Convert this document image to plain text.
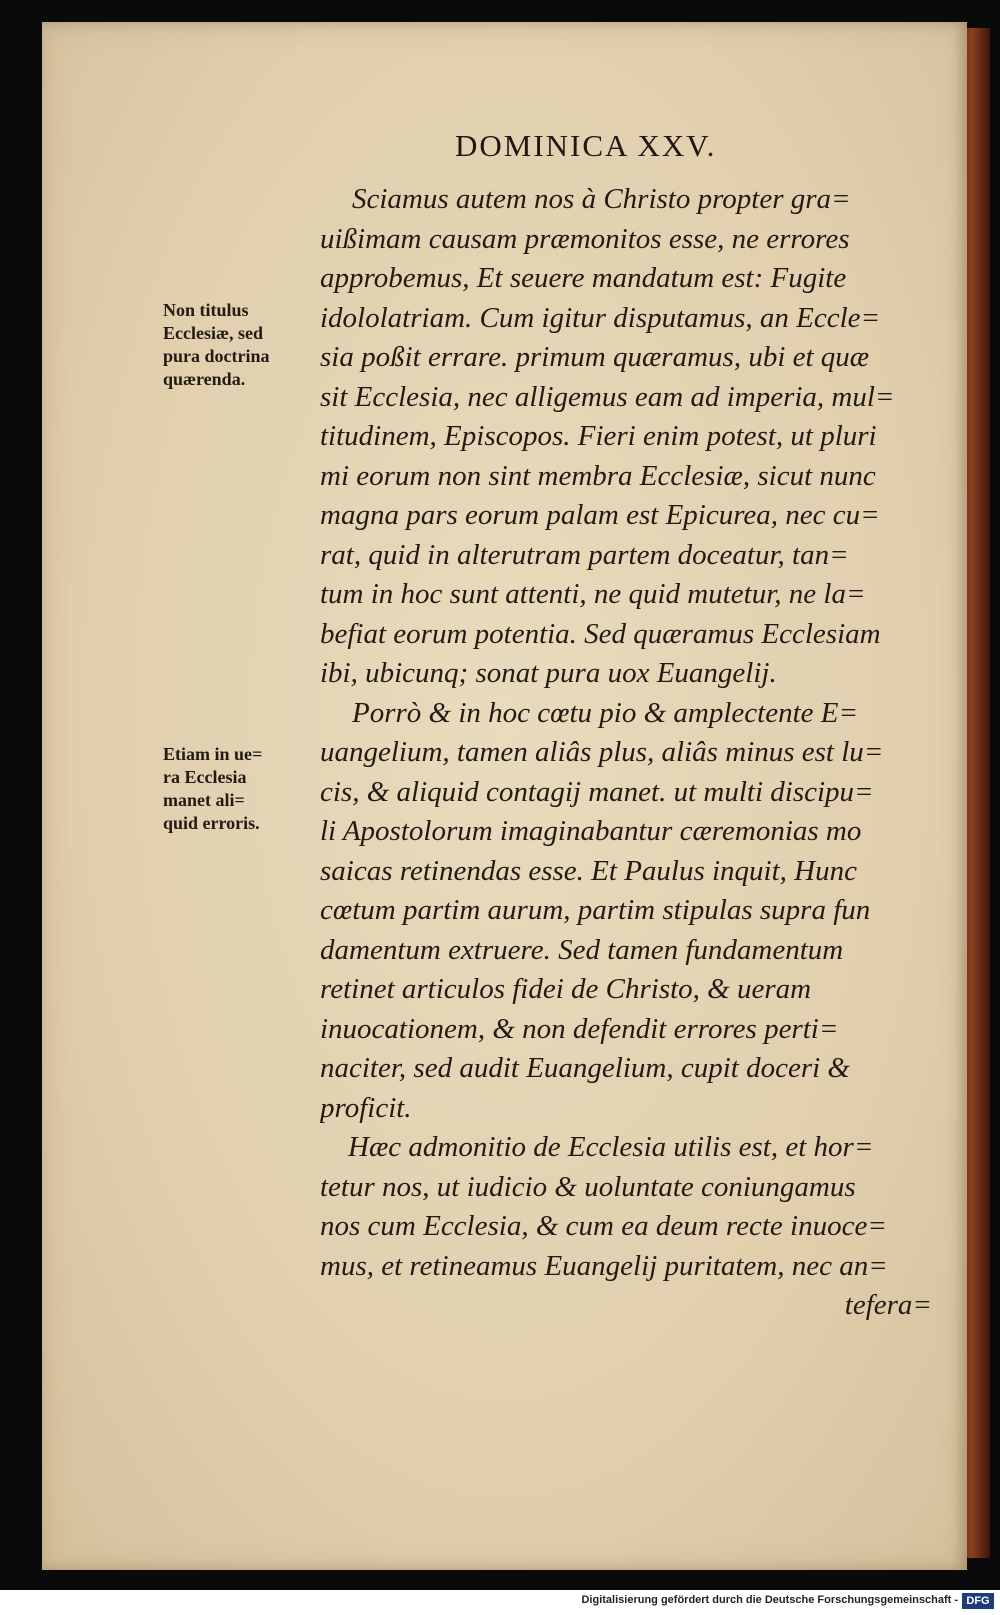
DOMINICA XXV.
Sciamus autem nos à Christo propter gra=
uißimam causam præmonitos esse, ne errores
approbemus, Et seuere mandatum est: Fugite
idololatriam. Cum igitur disputamus, an Eccle=
sia poßit errare. primum quæramus, ubi et quæ
sit Ecclesia, nec alligemus eam ad imperia, mul=
titudinem, Episcopos. Fieri enim potest, ut pluri
mi eorum non sint membra Ecclesiæ, sicut nunc
magna pars eorum palam est Epicurea, nec cu=
rat, quid in alterutram partem doceatur, tan=
tum in hoc sunt attenti, ne quid mutetur, ne la=
befiat eorum potentia. Sed quæramus Ecclesiam
ibi, ubicunq; sonat pura uox Euangelij.
Porrò & in hoc cœtu pio & amplectente E=
uangelium, tamen aliâs plus, aliâs minus est lu=
cis, & aliquid contagij manet. ut multi discipu=
li Apostolorum imaginabantur cæremonias mo
saicas retinendas esse. Et Paulus inquit, Hunc
cœtum partim aurum, partim stipulas supra fun
damentum extruere. Sed tamen fundamentum
retinet articulos fidei de Christo, & ueram
inuocationem, & non defendit errores perti=
naciter, sed audit Euangelium, cupit doceri &
proficit.
Hæc admonitio de Ecclesia utilis est, et hor=
tetur nos, ut iudicio & uoluntate coniungamus
nos cum Ecclesia, & cum ea deum recte inuoce=
mus, et retineamus Euangelij puritatem, nec an=
tefera=
Non titulus
Ecclesiæ, sed
pura doctrina
quærenda.
Etiam in ue=
ra Ecclesia
manet ali=
quid erroris.
Digitalisierung gefördert durch die Deutsche Forschungsgemeinschaft - DFG
